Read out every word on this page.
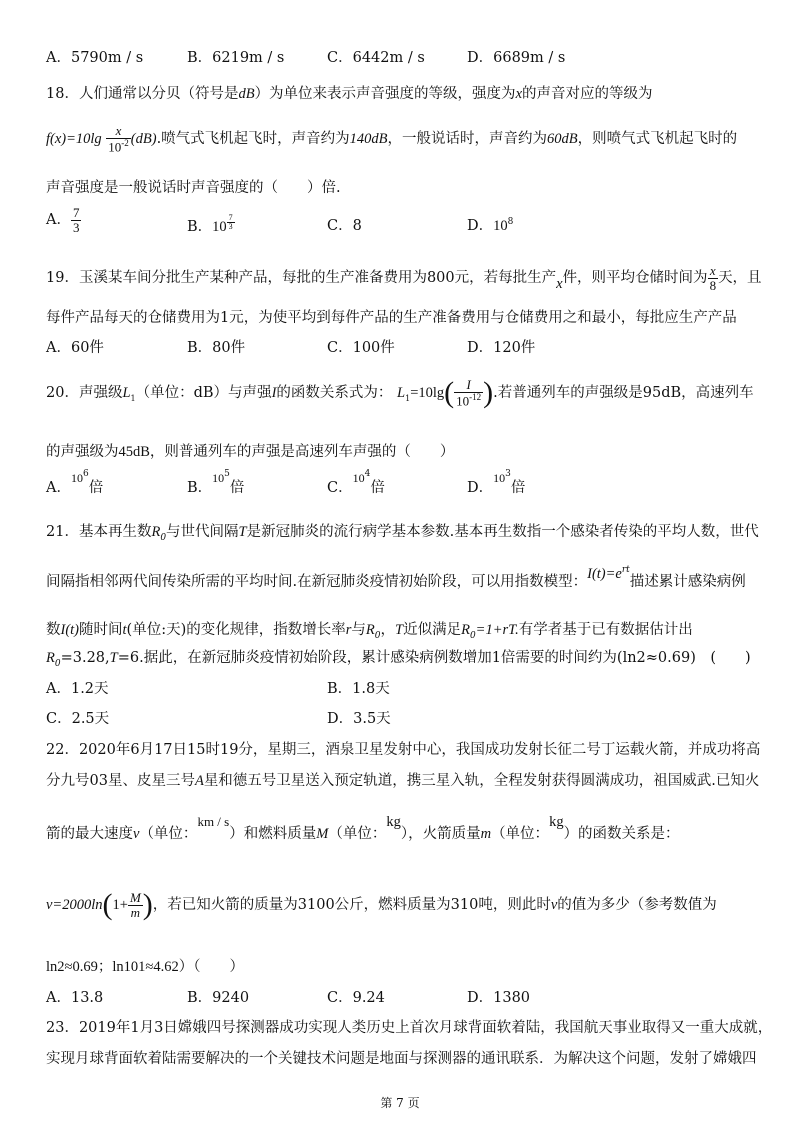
A．5790m / s	B．6219m / s	C．6442m / s	D．6689m / s
18．人们通常以分贝（符号是dB）为单位来表示声音强度的等级，强度为x的声音对应的等级为
$f(x)=10\lg \frac{x}{10^{-2}} (dB)$.喷气式飞机起飞时，声音约为140dB，一般说话时，声音约为60dB，则喷气式飞机起飞时的
声音强度是一般说话时声音强度的（　　）倍.
A． $\frac{7}{3}$	B．10 $^{\frac{7}{3}}$	C．8	D．$10^8$
19．玉溪某车间分批生产某种产品，每批的生产准备费用为800元，若每批生产x件，则平均仓储时间为 $\frac{x}{8}$ 天，且
每件产品每天的仓储费用为1元，为使平均到每件产品的生产准备费用与仓储费用之和最小，每批应生产产品
A．60件	B．80件	C．100件	D．120件
20．声强级$L_1$（单位：dB）与声强I的函数关系式为： $L_1=10\lg( \frac{I}{10^{-12}}$ ).若普通列车的声强级是95dB，高速列车
的声强级为45dB，则普通列车的声强是高速列车声强的（　　）
A．$^{106}$倍	B．$^{105}$倍	C．$^{104}$倍	D．$^{103}$倍
21．基本再生数$R_0$与世代间隔T是新冠肺炎的流行病学基本参数.基本再生数指一个感染者传染的平均人数，世代
间隔指相邻两代间传染所需的平均时间.在新冠肺炎疫情初始阶段，可以用指数模型：$I(t)=e^{rt}$描述累计感染病例
数I(t)随时间t(单位:天)的变化规律，指数增长率r与$R_0$，T近似满足$R_0=1+rT$.有学者基于已有数据估计出
$R_0=3.28,T=6$.据此，在新冠肺炎疫情初始阶段，累计感染病例数增加1倍需要的时间约为(ln2≈0.69)　(　　)
A．1.2天	B．1.8天
C．2.5天	D．3.5天
22．2020年6月17日15时19分，星期三，酒泉卫星发射中心，我国成功发射长征二号丁运载火箭，并成功将高
分九号03星、皮星三号A星和德五号卫星送入预定轨道，携三星入轨，全程发射获得圆满成功，祖国威武.已知火
箭的最大速度v（单位：km / s）和燃料质量M（单位：kg），火箭质量m（单位：kg）的函数关系是：
$v=2000\ln(1+ \frac{M}{m}$ )，若已知火箭的质量为3100公斤，燃料质量为310吨，则此时v的值为多少（参考数值为
ln2≈0.69；ln101≈4.62）（　　）
A．13.8	B．9240	C．9.24	D．1380
23．2019年1月3日嫦娥四号探测器成功实现人类历史上首次月球背面软着陆，我国航天事业取得又一重大成就，
实现月球背面软着陆需要解决的一个关键技术问题是地面与探测器的通讯联系．为解决这个问题，发射了嫦娥四
第 7 页
